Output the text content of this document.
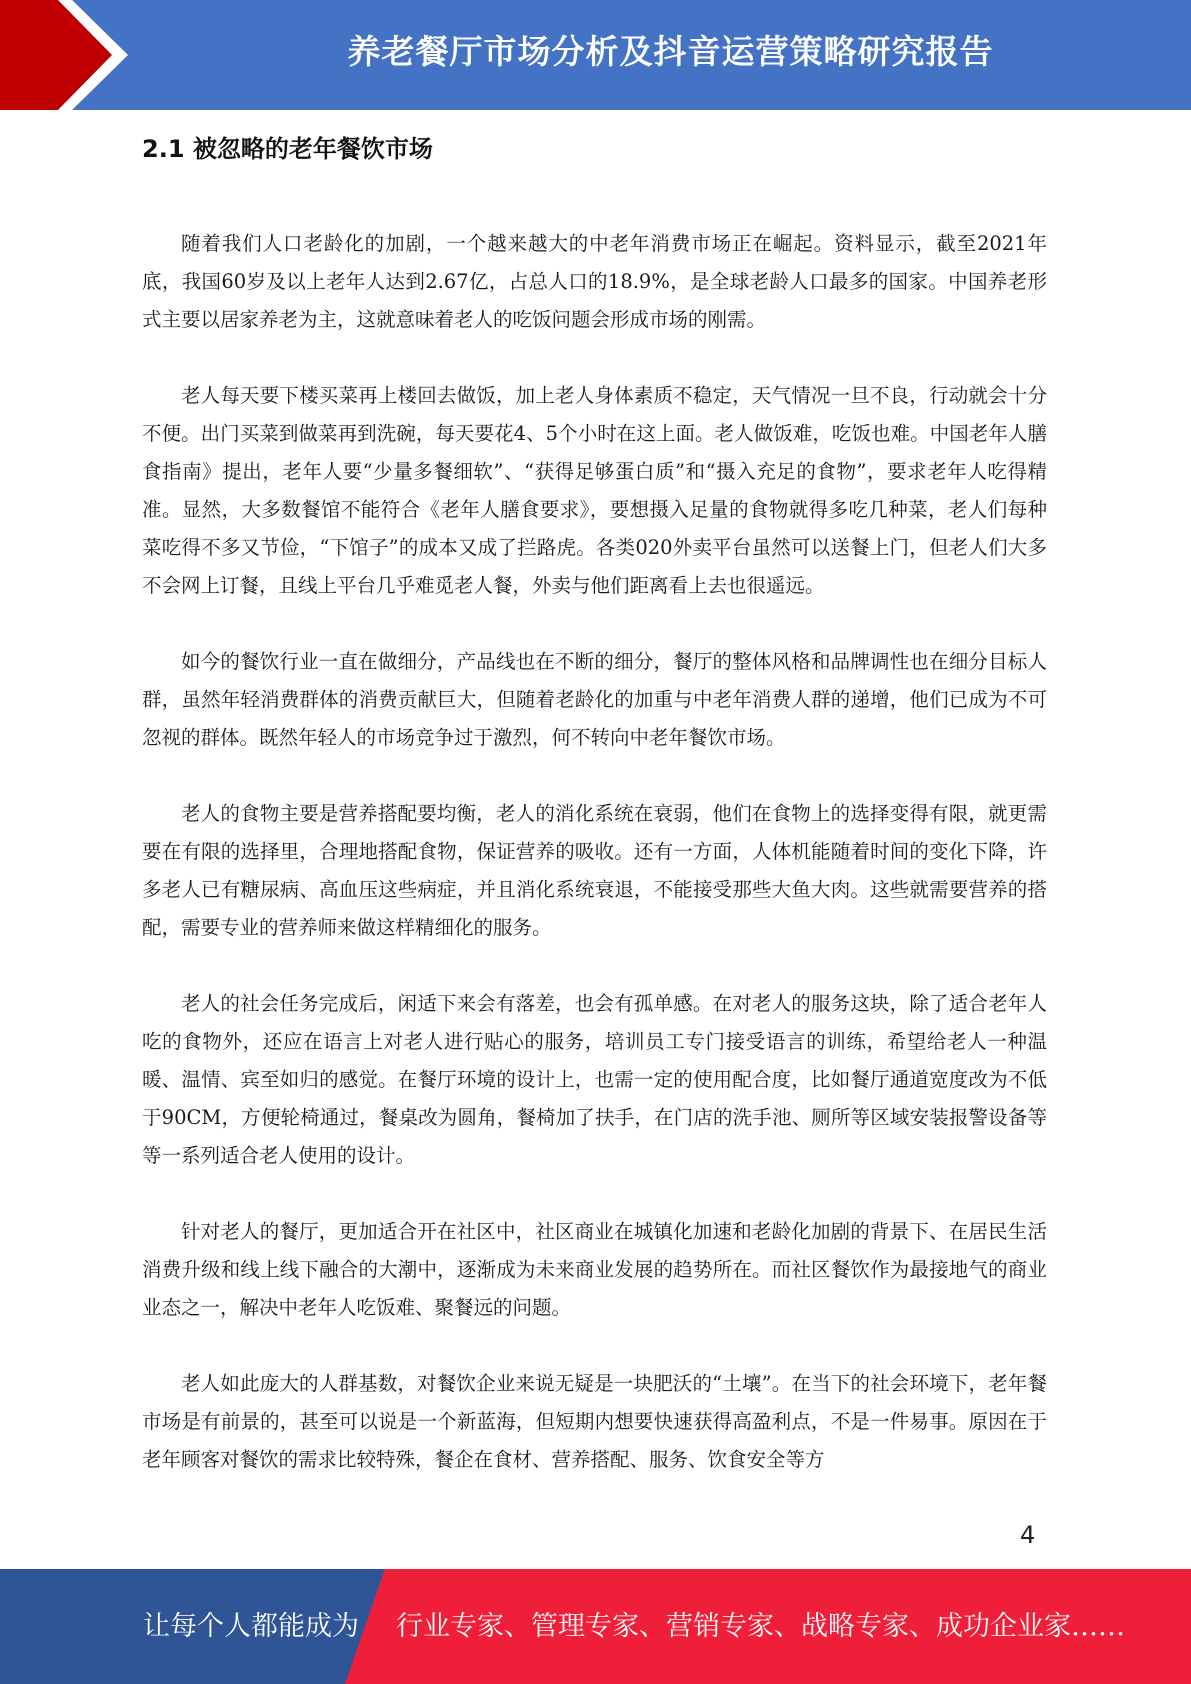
养老餐厅市场分析及抖音运营策略研究报告
2.1 被忽略的老年餐饮市场

随着我们人口老龄化的加剧，一个越来越大的中老年消费市场正在崛起。资料显示，截至2021年底，我国60岁及以上老年人达到2.67亿，占总人口的18.9%，是全球老龄人口最多的国家。中国养老形式主要以居家养老为主，这就意味着老人的吃饭问题会形成市场的刚需。

老人每天要下楼买菜再上楼回去做饭，加上老人身体素质不稳定，天气情况一旦不良，行动就会十分不便。出门买菜到做菜再到洗碗，每天要花4、5个小时在这上面。老人做饭难，吃饭也难。中国老年人膳食指南》提出，老年人要“少量多餐细软”、“获得足够蛋白质”和“摄入充足的食物”，要求老年人吃得精准。显然，大多数餐馆不能符合《老年人膳食要求》，要想摄入足量的食物就得多吃几种菜，老人们每种菜吃得不多又节俭，“下馆子”的成本又成了拦路虎。各类020外卖平台虽然可以送餐上门，但老人们大多不会网上订餐，且线上平台几乎难觅老人餐，外卖与他们距离看上去也很遥远。

如今的餐饮行业一直在做细分，产品线也在不断的细分，餐厅的整体风格和品牌调性也在细分目标人群，虽然年轻消费群体的消费贡献巨大，但随着老龄化的加重与中老年消费人群的递增，他们已成为不可忽视的群体。既然年轻人的市场竞争过于激烈，何不转向中老年餐饮市场。

老人的食物主要是营养搭配要均衡，老人的消化系统在衰弱，他们在食物上的选择变得有限，就更需要在有限的选择里，合理地搭配食物，保证营养的吸收。还有一方面，人体机能随着时间的变化下降，许多老人已有糖尿病、高血压这些病症，并且消化系统衰退，不能接受那些大鱼大肉。这些就需要营养的搭配，需要专业的营养师来做这样精细化的服务。

老人的社会任务完成后，闲适下来会有落差，也会有孤单感。在对老人的服务这块，除了适合老年人吃的食物外，还应在语言上对老人进行贴心的服务，培训员工专门接受语言的训练，希望给老人一种温暖、温情、宾至如归的感觉。在餐厅环境的设计上，也需一定的使用配合度，比如餐厅通道宽度改为不低于90CM，方便轮椅通过，餐桌改为圆角，餐椅加了扶手，在门店的洗手池、厕所等区域安装报警设备等等一系列适合老人使用的设计。

针对老人的餐厅，更加适合开在社区中，社区商业在城镇化加速和老龄化加剧的背景下、在居民生活消费升级和线上线下融合的大潮中，逐渐成为未来商业发展的趋势所在。而社区餐饮作为最接地气的商业业态之一，解决中老年人吃饭难、聚餐远的问题。

老人如此庞大的人群基数，对餐饮企业来说无疑是一块肥沃的“土壤”。在当下的社会环境下，老年餐市场是有前景的，甚至可以说是一个新蓝海，但短期内想要快速获得高盈利点，不是一件易事。原因在于老年顾客对餐饮的需求比较特殊，餐企在食材、营养搭配、服务、饮食安全等方

4
让每个人都能成为 行业专家、管理专家、营销专家、战略专家、成功企业家……
